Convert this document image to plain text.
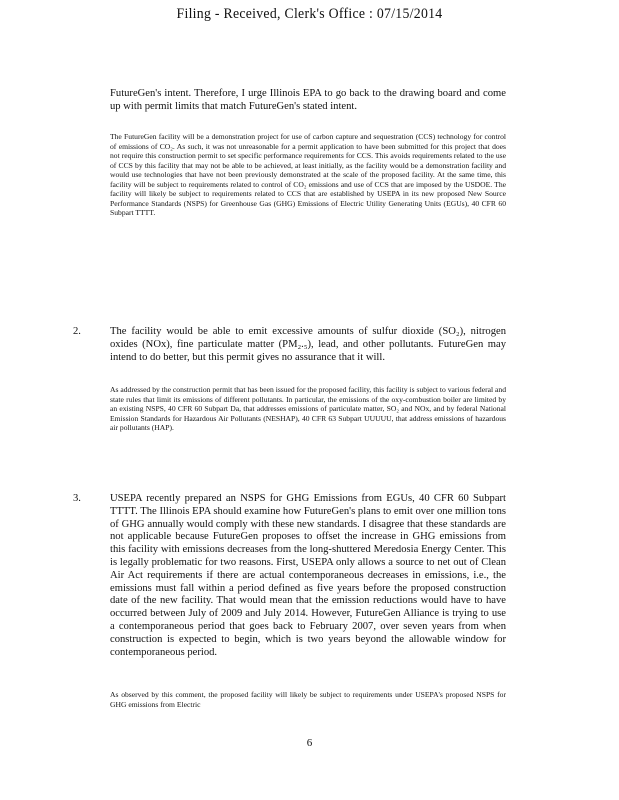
Filing - Received, Clerk's Office : 07/15/2014

FutureGen's intent. Therefore, I urge Illinois EPA to go back to the drawing board and come up with permit limits that match FutureGen's stated intent.

The FutureGen facility will be a demonstration project for use of carbon capture and sequestration (CCS) technology for control of emissions of CO₂. As such, it was not unreasonable for a permit application to have been submitted for this project that does not require this construction permit to set specific performance requirements for CCS. This avoids requirements related to the use of CCS by this facility that may not be able to be achieved, at least initially, as the facility would be a demonstration facility and would use technologies that have not been previously demonstrated at the scale of the proposed facility. At the same time, this facility will be subject to requirements related to control of CO₂ emissions and use of CCS that are imposed by the USDOE. The facility will likely be subject to requirements related to CCS that are established by USEPA in its new proposed New Source Performance Standards (NSPS) for Greenhouse Gas (GHG) Emissions of Electric Utility Generating Units (EGUs), 40 CFR 60 Subpart TTTT.

2.	The facility would be able to emit excessive amounts of sulfur dioxide (SO₂), nitrogen oxides (NOx), fine particulate matter (PM₂.₅), lead, and other pollutants. FutureGen may intend to do better, but this permit gives no assurance that it will.

As addressed by the construction permit that has been issued for the proposed facility, this facility is subject to various federal and state rules that limit its emissions of different pollutants. In particular, the emissions of the oxy-combustion boiler are limited by an existing NSPS, 40 CFR 60 Subpart Da, that addresses emissions of particulate matter, SO₂ and NOx, and by federal National Emission Standards for Hazardous Air Pollutants (NESHAP), 40 CFR 63 Subpart UUUUU, that address emissions of hazardous air pollutants (HAP).

3.	USEPA recently prepared an NSPS for GHG Emissions from EGUs, 40 CFR 60 Subpart TTTT. The Illinois EPA should examine how FutureGen's plans to emit over one million tons of GHG annually would comply with these new standards. I disagree that these standards are not applicable because FutureGen proposes to offset the increase in GHG emissions from this facility with emissions decreases from the long-shuttered Meredosia Energy Center. This is legally problematic for two reasons. First, USEPA only allows a source to net out of Clean Air Act requirements if there are actual contemporaneous decreases in emissions, i.e., the emissions must fall within a period defined as five years before the proposed construction date of the new facility. That would mean that the emission reductions would have to have occurred between July of 2009 and July 2014. However, FutureGen Alliance is trying to use a contemporaneous period that goes back to February 2007, over seven years from when construction is expected to begin, which is two years beyond the allowable window for contemporaneous period.

As observed by this comment, the proposed facility will likely be subject to requirements under USEPA's proposed NSPS for GHG emissions from Electric

6
